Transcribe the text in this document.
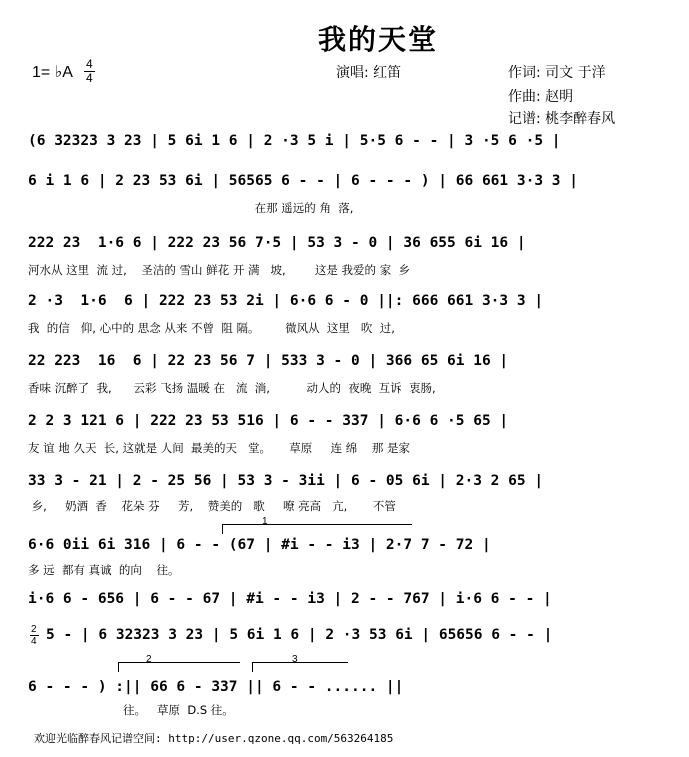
我的天堂
1= ♭A 4
4	演唱: 红笛	作词: 司文 于洋
作曲: 赵明
记谱: 桃李醉春风
(6 32323 3 23 | 5 6i 1 6 | 2 ·3 5 i | 5·5 6 - - | 3 ·5 6 ·5 |
6 i 1 6 | 2 23 53 6i | 56565 6 - - | 6 - - - ) | 66 661 3·3 3 |
在那 遥远的 角  落,
222 23  1·6 6 | 222 23 56 7·5 | 53 3 - 0 | 36 655 6i 16 |
河水从 这里  流 过,    圣洁的 雪山 鲜花 开 满   坡,        这是 我爱的 家  乡
2 ·3  1·6  6 | 222 23 53 2i | 6·6 6 - 0 ||: 666 661 3·3 3 |
我  的信   仰, 心中的 思念 从来 不曾  阻 隔。       微风从  这里   吹  过,
22 223  16  6 | 22 23 56 7 | 533 3 - 0 | 366 65 6i 16 |
香味 沉醉了  我,      云彩 飞扬 温暖 在   流  淌,          动人的  夜晚  互诉  衷肠,
2 2 3 121 6 | 222 23 53 516 | 6 - - 337 | 6·6 6 ·5 65 |
友 谊 地 久天  长, 这就是 人间  最美的天   堂。     草原     连 绵    那 是家
33 3 - 21 | 2 - 25 56 | 53 3 - 3ii | 6 - 05 6i | 2·3 2 65 |
乡,     奶酒  香    花朵 芬     芳,    赞美的   歌     嘹 亮高   亢,       不管
1
6·6 0ii 6i 316 | 6 - - (67 | #i - - i3 | 2·7 7 - 72 |
多 远  都有 真诚  的向    往。
i·6 6 - 656 | 6 - - 67 | #i - - i3 | 2 - - 767 | i·6 6 - - |
2
4 5 - | 6 32323 3 23 | 5 6i 1 6 | 2 ·3 53 6i | 65656 6 - - |
2	3
6 - - - ) :|| 66 6 - 337 || 6 - - ...... ||
往。   草原  D.S 往。
欢迎光临醉春风记谱空间: http://user.qzone.qq.com/563264185
